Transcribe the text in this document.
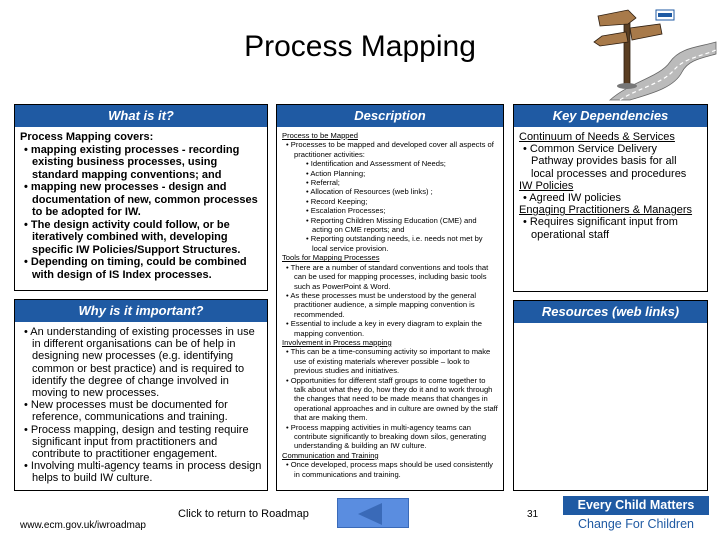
Process Mapping
What is it?
Process Mapping covers:
• mapping existing processes - recording existing business processes, using standard mapping conventions; and
• mapping new processes - design and documentation of new, common processes to be adopted for IW.
• The design activity could follow, or be iteratively combined with, developing specific IW Policies/Support Structures.
• Depending on timing, could be combined with design of IS Index processes.
Why is it important?
• An understanding of existing processes in use in different organisations can be of help in designing new processes (e.g. identifying common or best practice) and is required to identify the degree of change involved in moving to new processes.
• New processes must be documented for reference, communications and training.
• Process mapping, design and testing require significant input from practitioners and contribute to practitioner engagement.
• Involving multi-agency teams in process design helps to build IW culture.
Description
Process to be Mapped
• Processes to be mapped and developed cover all aspects of practitioner activities:
• Identification and Assessment of Needs;
• Action Planning;
• Referral;
• Allocation of Resources (web links) ;
• Record Keeping;
• Escalation Processes;
• Reporting Children Missing Education (CME) and acting on CME reports; and
• Reporting outstanding needs, i.e. needs not met by local service provision.
Tools for Mapping Processes
• There are a number of standard conventions and tools that can be used for mapping processes, including basic tools such as PowerPoint & Word.
• As these processes must be understood by the general practitioner audience, a simple mapping convention is recommended.
• Essential to include a key in every diagram to explain the mapping convention.
Involvement in Process mapping
• This can be a time-consuming activity so important to make use of existing materials wherever possible – look to previous studies and initiatives.
• Opportunities for different staff groups to come together to talk about what they do, how they do it and to work through the changes that need to be made means that changes in operational approaches and in culture are owned by the staff that are making them.
• Process mapping activities in multi-agency teams can contribute significantly to breaking down silos, generating understanding & building an IW culture.
Communication and Training
• Once developed, process maps should be used consistently in communications and training.
Key Dependencies
Continuum of Needs & Services
• Common Service Delivery Pathway provides basis for all local processes and procedures
IW Policies
• Agreed IW policies
Engaging Practitioners & Managers
• Requires significant input from operational staff
Resources (web links)
www.ecm.gov.uk/iwroadmap
Click to return to Roadmap	31
Every Child Matters
Change For Children
